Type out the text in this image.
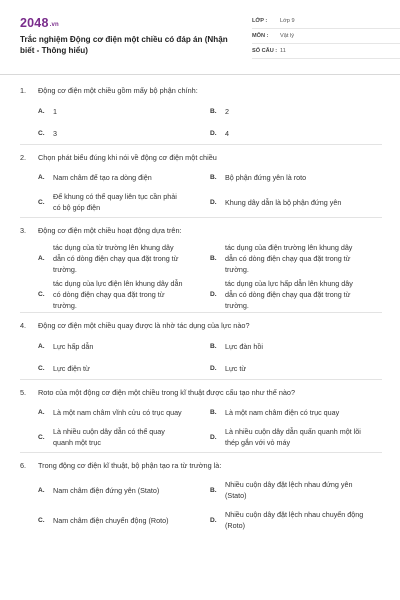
2048.vn
Trắc nghiệm Động cơ điện một chiều có đáp án (Nhận biết - Thông hiểu)
LỚP :	Lớp 9
MÔN :	Vật lý
SỐ CÂU : 11
1.	Động cơ điện một chiều gồm mấy bộ phận chính:
A.	1	B.	2
C.	3	D.	4
2.	Chọn phát biểu đúng khi nói về động cơ điện một chiều
A.	Nam châm để tạo ra dòng điện	B.	Bộ phận đứng yên là roto
C.
Để khung có thể quay liên tục cần phải có bộ góp điện
D.	Khung dây dẫn là bộ phận đứng yên
3.	Động cơ điện một chiều hoạt động dựa trên:
A.
tác dụng của từ trường lên khung dây dẫn có dòng điện chạy qua đặt trong từ trường.
B.
tác dụng của điện trường lên khung dây dẫn có dòng điện chạy qua đặt trong từ trường.
C.
tác dụng của lực điện lên khung dây dẫn có dòng điện chạy qua đặt trong từ trường.
D.
tác dụng của lực hấp dẫn lên khung dây dẫn có dòng điện chạy qua đặt trong từ trường.
4.	Động cơ điện một chiều quay được là nhờ tác dụng của lực nào?
A.	Lực hấp dẫn	B.	Lực đàn hồi
C.	Lực điện từ	D.	Lực từ
5.	Roto của một động cơ điện một chiều trong kĩ thuật được cấu tạo như thế nào?
A.	Là một nam châm vĩnh cửu có trục quay	B.	Là một nam châm điện có trục quay
C.
Là nhiều cuộn dây dẫn có thể quay quanh một trục
D.
Là nhiều cuộn dây dẫn quấn quanh một lõi thép gắn với vỏ máy
6.	Trong động cơ điện kĩ thuật, bộ phận tạo ra từ trường là:
A.	Nam châm điện đứng yên (Stato)	B.
Nhiều cuộn dây đặt lệch nhau đứng yên (Stato)
C.	Nam châm điện chuyển động (Roto)	D.
Nhiều cuộn dây đặt lệch nhau chuyển động (Roto)
